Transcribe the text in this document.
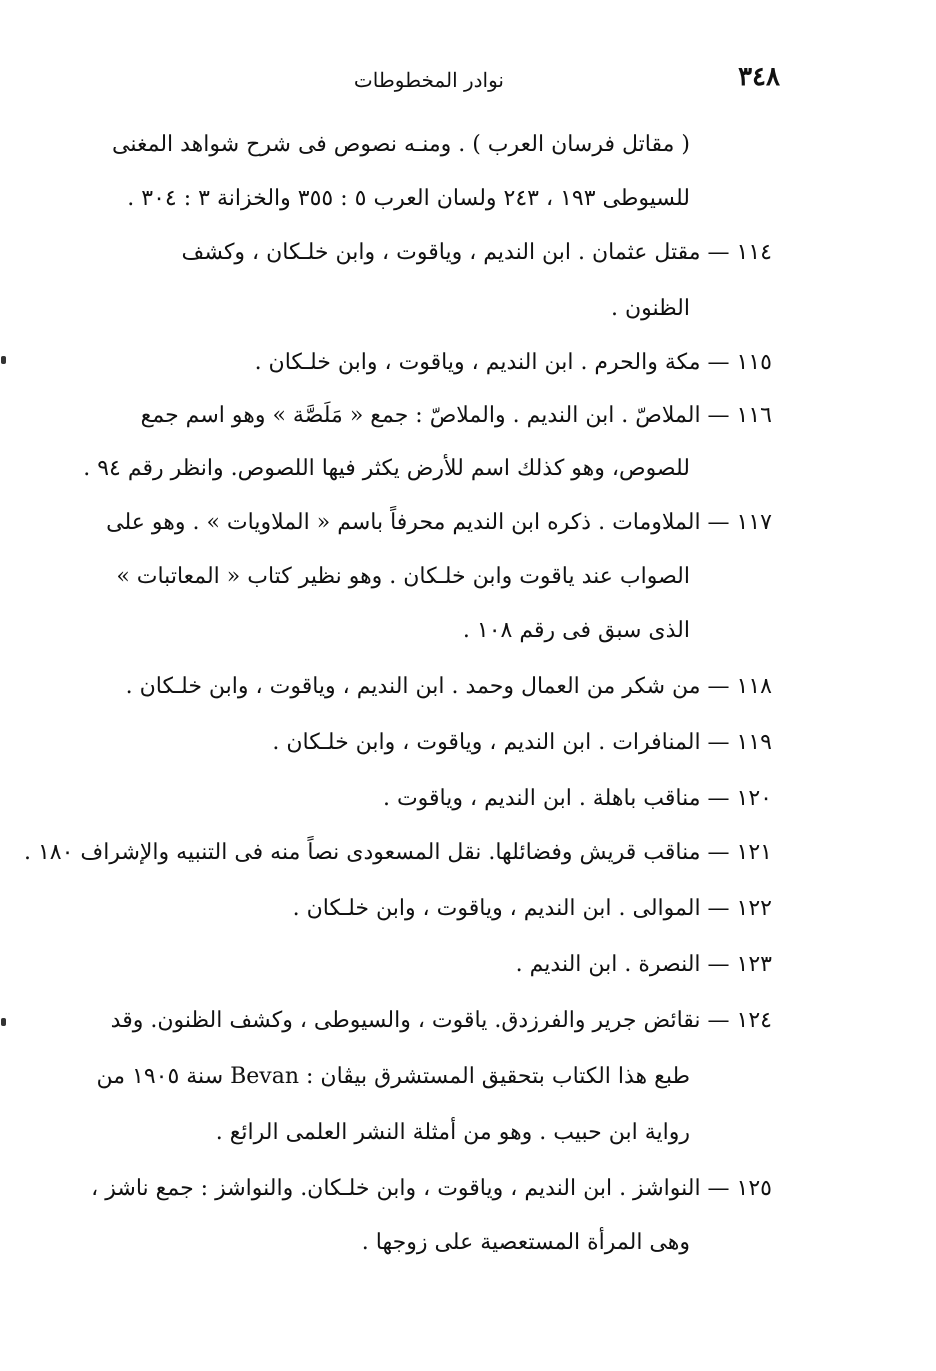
٣٤٨
نوادر المخطوطات
( مقاتل فرسان العرب ) . ومنـه نصوص فى شرح شواهد المغنى
للسيوطى ١٩٣ ، ٢٤٣ ولسان العرب ٥ : ٣٥٥ والخزانة ٣ : ٣٠٤ .
١١٤ — مقتل عثمان . ابن النديم ، وياقوت ، وابن خلـكان ، وكشف
الظنون .
١١٥ — مكة والحرم . ابن النديم ، وياقوت ، وابن خلـكان .
١١٦ — الملاصّ . ابن النديم . والملاصّ : جمع « مَلَصَّة » وهو اسم جمع
للصوص، وهو كذلك اسم للأرض يكثر فيها اللصوص. وانظر رقم ٩٤ .
١١٧ — الملاومات . ذكره ابن النديم محرفاً باسم « الملاويات » . وهو على
الصواب عند ياقوت وابن خلـكان . وهو نظير كتاب « المعاتبات »
الذى سبق فى رقم ١٠٨ .
١١٨ — من شكر من العمال وحمد . ابن النديم ، وياقوت ، وابن خلـكان .
١١٩ — المنافرات . ابن النديم ، وياقوت ، وابن خلـكان .
١٢٠ — مناقب باهلة . ابن النديم ، وياقوت .
١٢١ — مناقب قريش وفضائلها. نقل المسعودى نصاً منه فى التنبيه والإشراف ١٨٠ .
١٢٢ — الموالى . ابن النديم ، وياقوت ، وابن خلـكان .
١٢٣ — النصرة . ابن النديم .
١٢٤ — نقائض جرير والفرزدق. ياقوت ، والسيوطى ، وكشف الظنون. وقد
طبع هذا الكتاب بتحقيق المستشرق بيڤان : Bevan سنة ١٩٠٥ من
رواية ابن حبيب . وهو من أمثلة النشر العلمى الرائع .
١٢٥ — النواشز . ابن النديم ، وياقوت ، وابن خلـكان. والنواشز : جمع ناشز ،
وهى المرأة المستعصية على زوجها .
